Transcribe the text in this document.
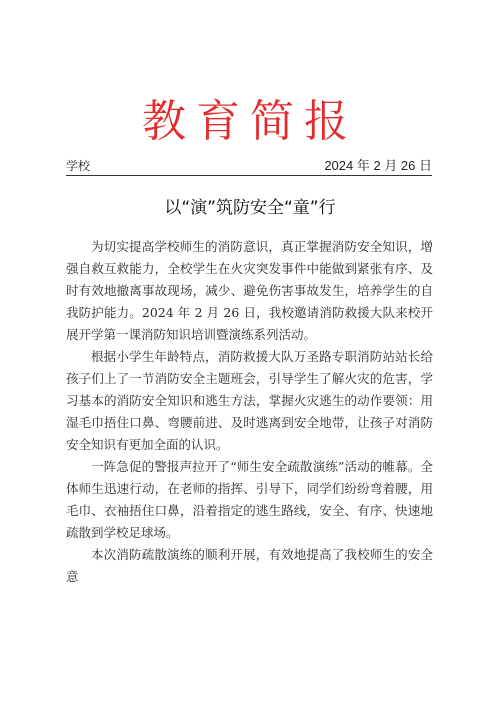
教育简报
学校	2024 年 2 月 26 日
以“演”筑防安全“童”行

为切实提高学校师生的消防意识，真正掌握消防安全知识，增强自救互救能力，全校学生在火灾突发事件中能做到紧张有序、及时有效地撤离事故现场，减少、避免伤害事故发生，培养学生的自我防护能力。2024 年 2 月 26 日，我校邀请消防救援大队来校开展开学第一课消防知识培训暨演练系列活动。

根据小学生年龄特点，消防救援大队万圣路专职消防站站长给孩子们上了一节消防安全主题班会，引导学生了解火灾的危害，学习基本的消防安全知识和逃生方法，掌握火灾逃生的动作要领：用湿毛巾捂住口鼻、弯腰前进、及时逃离到安全地带，让孩子对消防安全知识有更加全面的认识。

一阵急促的警报声拉开了“师生安全疏散演练”活动的帷幕。全体师生迅速行动，在老师的指挥、引导下，同学们纷纷弯着腰，用毛巾、衣袖捂住口鼻，沿着指定的逃生路线，安全、有序、快速地疏散到学校足球场。

本次消防疏散演练的顺利开展，有效地提高了我校师生的安全意
